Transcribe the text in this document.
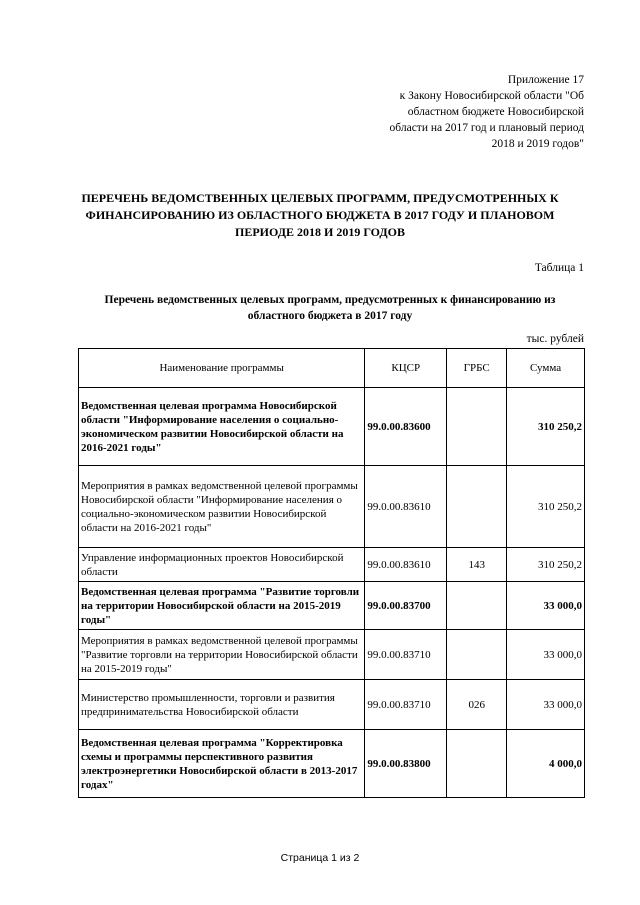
Приложение 17
к Закону Новосибирской области "Об
областном бюджете Новосибирской
области на 2017 год и плановый период
2018 и 2019 годов"
ПЕРЕЧЕНЬ ВЕДОМСТВЕННЫХ ЦЕЛЕВЫХ ПРОГРАММ, ПРЕДУСМОТРЕННЫХ К
ФИНАНСИРОВАНИЮ ИЗ ОБЛАСТНОГО БЮДЖЕТА В 2017 ГОДУ И ПЛАНОВОМ
ПЕРИОДЕ 2018 И 2019 ГОДОВ
Таблица 1
Перечень ведомственных целевых программ, предусмотренных к финансированию из
областного бюджета в 2017 году
тыс. рублей
Наименование программы	КЦСР	ГРБС	Сумма
Ведомственная целевая программа Новосибирской области "Информирование населения о социально-экономическом развитии Новосибирской области на 2016-2021 годы"	99.0.00.83600		310 250,2
Мероприятия в рамках ведомственной целевой программы Новосибирской области "Информирование населения о социально-экономическом развитии Новосибирской области на 2016-2021 годы"	99.0.00.83610		310 250,2
Управление информационных проектов Новосибирской области	99.0.00.83610	143	310 250,2
Ведомственная целевая программа "Развитие торговли на территории Новосибирской области на 2015-2019 годы"	99.0.00.83700		33 000,0
Мероприятия в рамках ведомственной целевой программы "Развитие торговли на территории Новосибирской области на 2015-2019 годы"	99.0.00.83710		33 000,0
Министерство промышленности, торговли и развития предпринимательства Новосибирской области	99.0.00.83710	026	33 000,0
Ведомственная целевая программа "Корректировка схемы и программы перспективного развития электроэнергетики Новосибирской области в 2013-2017 годах"	99.0.00.83800		4 000,0
Страница 1 из 2
